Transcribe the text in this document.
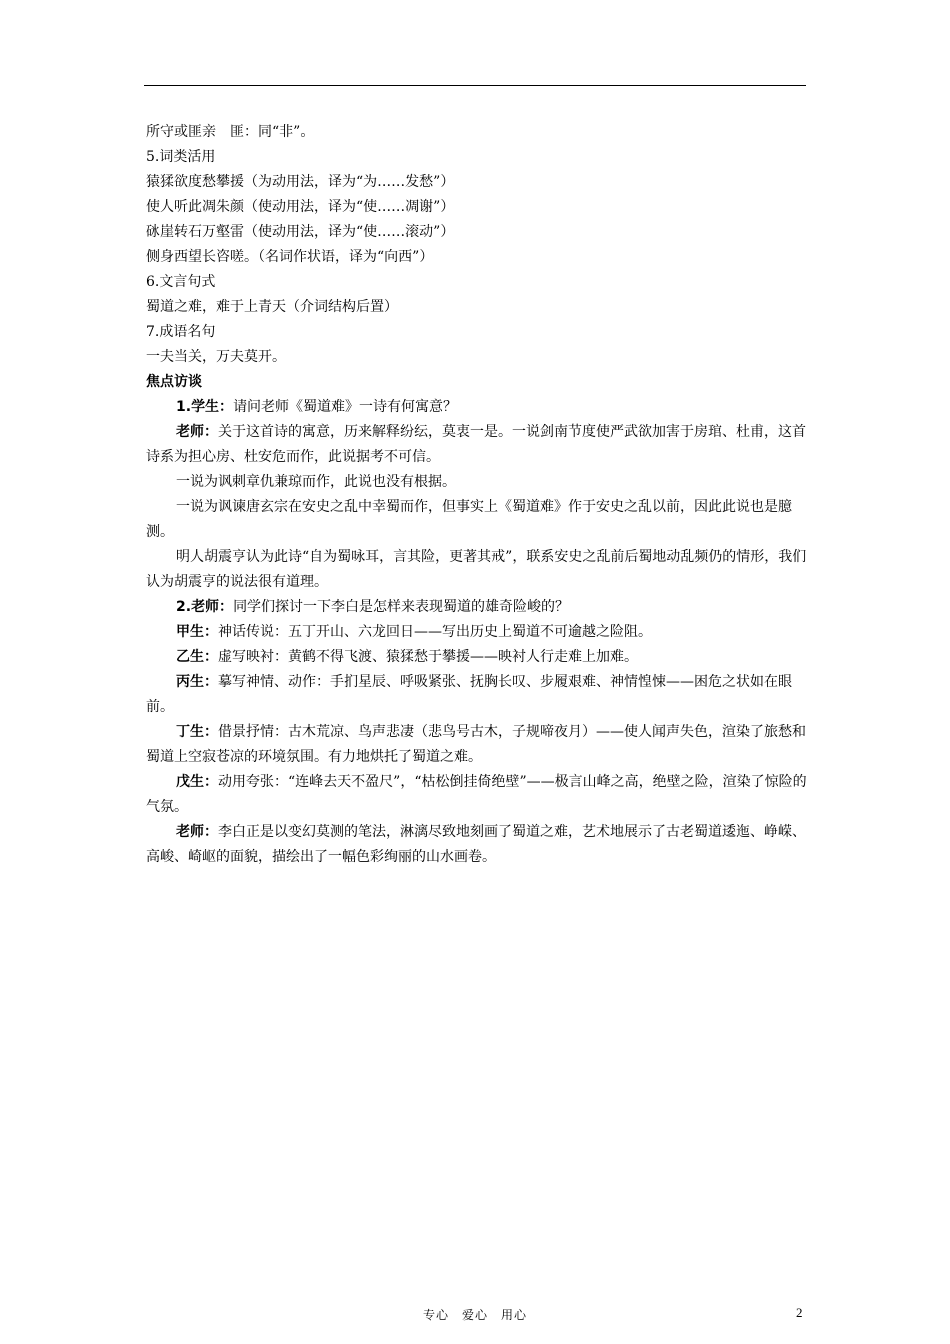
所守或匪亲　匪：同“非”。

5.词类活用

猿猱欲度愁攀援（为动用法，译为“为……发愁”）

使人听此凋朱颜（使动用法，译为“使……凋谢”）

砯崖转石万壑雷（使动用法，译为“使……滚动”）

侧身西望长咨嗟。（名词作状语，译为“向西”）

6.文言句式

蜀道之难，难于上青天（介词结构后置）

7.成语名句

一夫当关，万夫莫开。

焦点访谈

1.学生：请问老师《蜀道难》一诗有何寓意？

老师：关于这首诗的寓意，历来解释纷纭，莫衷一是。一说剑南节度使严武欲加害于房琯、杜甫，这首诗系为担心房、杜安危而作，此说据考不可信。

一说为讽刺章仇兼琼而作，此说也没有根据。

一说为讽谏唐玄宗在安史之乱中幸蜀而作，但事实上《蜀道难》作于安史之乱以前，因此此说也是臆测。

明人胡震亨认为此诗“自为蜀咏耳，言其险，更著其戒”，联系安史之乱前后蜀地动乱频仍的情形，我们认为胡震亨的说法很有道理。

2.老师：同学们探讨一下李白是怎样来表现蜀道的雄奇险峻的？

甲生：神话传说：五丁开山、六龙回日——写出历史上蜀道不可逾越之险阻。

乙生：虚写映衬：黄鹤不得飞渡、猿猱愁于攀援——映衬人行走难上加难。

丙生：摹写神情、动作：手扪星辰、呼吸紧张、抚胸长叹、步履艰难、神情惶悚——困危之状如在眼前。

丁生：借景抒情：古木荒凉、鸟声悲凄（悲鸟号古木，子规啼夜月）——使人闻声失色，渲染了旅愁和蜀道上空寂苍凉的环境氛围。有力地烘托了蜀道之难。

戊生：动用夸张：“连峰去天不盈尺”，“枯松倒挂倚绝壁”——极言山峰之高，绝壁之险，渲染了惊险的气氛。

老师：李白正是以变幻莫测的笔法，淋漓尽致地刻画了蜀道之难，艺术地展示了古老蜀道逶迤、峥嵘、高峻、崎岖的面貌，描绘出了一幅色彩绚丽的山水画卷。

专心　爱心　用心	2
